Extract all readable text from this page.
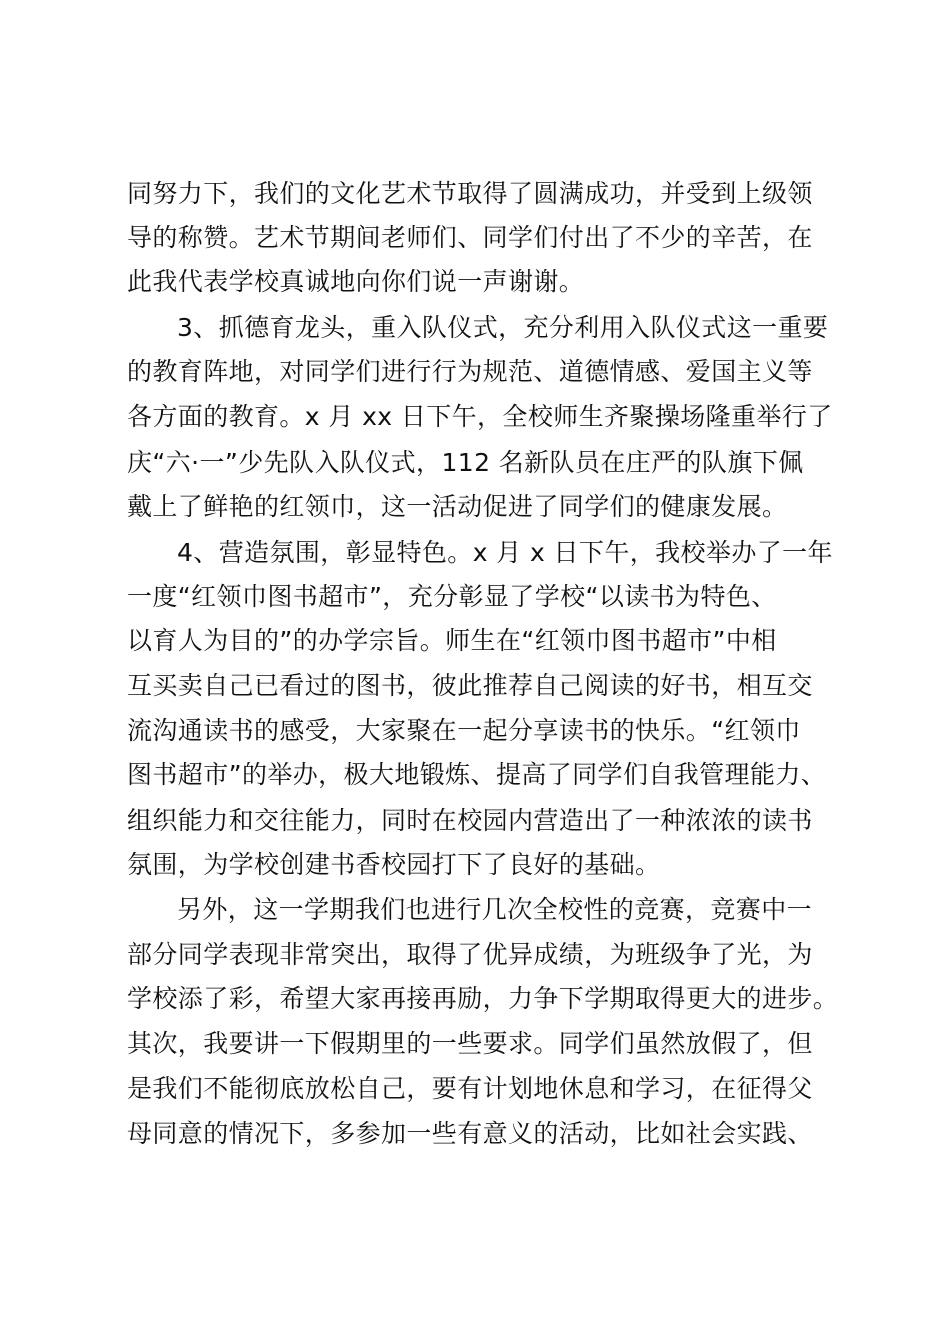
同努力下，我们的文化艺术节取得了圆满成功，并受到上级领
导的称赞。艺术节期间老师们、同学们付出了不少的辛苦，在
此我代表学校真诚地向你们说一声谢谢。
3、抓德育龙头，重入队仪式，充分利用入队仪式这一重要
的教育阵地，对同学们进行行为规范、道德情感、爱国主义等
各方面的教育。x 月 xx 日下午，全校师生齐聚操场隆重举行了
庆“六·一”少先队入队仪式，112 名新队员在庄严的队旗下佩
戴上了鲜艳的红领巾，这一活动促进了同学们的健康发展。
4、营造氛围，彰显特色。x 月 x 日下午，我校举办了一年
一度“红领巾图书超市”，充分彰显了学校“以读书为特色、
以育人为目的”的办学宗旨。师生在“红领巾图书超市”中相
互买卖自己已看过的图书，彼此推荐自己阅读的好书，相互交
流沟通读书的感受，大家聚在一起分享读书的快乐。“红领巾
图书超市”的举办，极大地锻炼、提高了同学们自我管理能力、
组织能力和交往能力，同时在校园内营造出了一种浓浓的读书
氛围，为学校创建书香校园打下了良好的基础。
另外，这一学期我们也进行几次全校性的竞赛，竞赛中一
部分同学表现非常突出，取得了优异成绩，为班级争了光，为
学校添了彩，希望大家再接再励，力争下学期取得更大的进步。
其次，我要讲一下假期里的一些要求。同学们虽然放假了，但
是我们不能彻底放松自己，要有计划地休息和学习，在征得父
母同意的情况下，多参加一些有意义的活动，比如社会实践、
